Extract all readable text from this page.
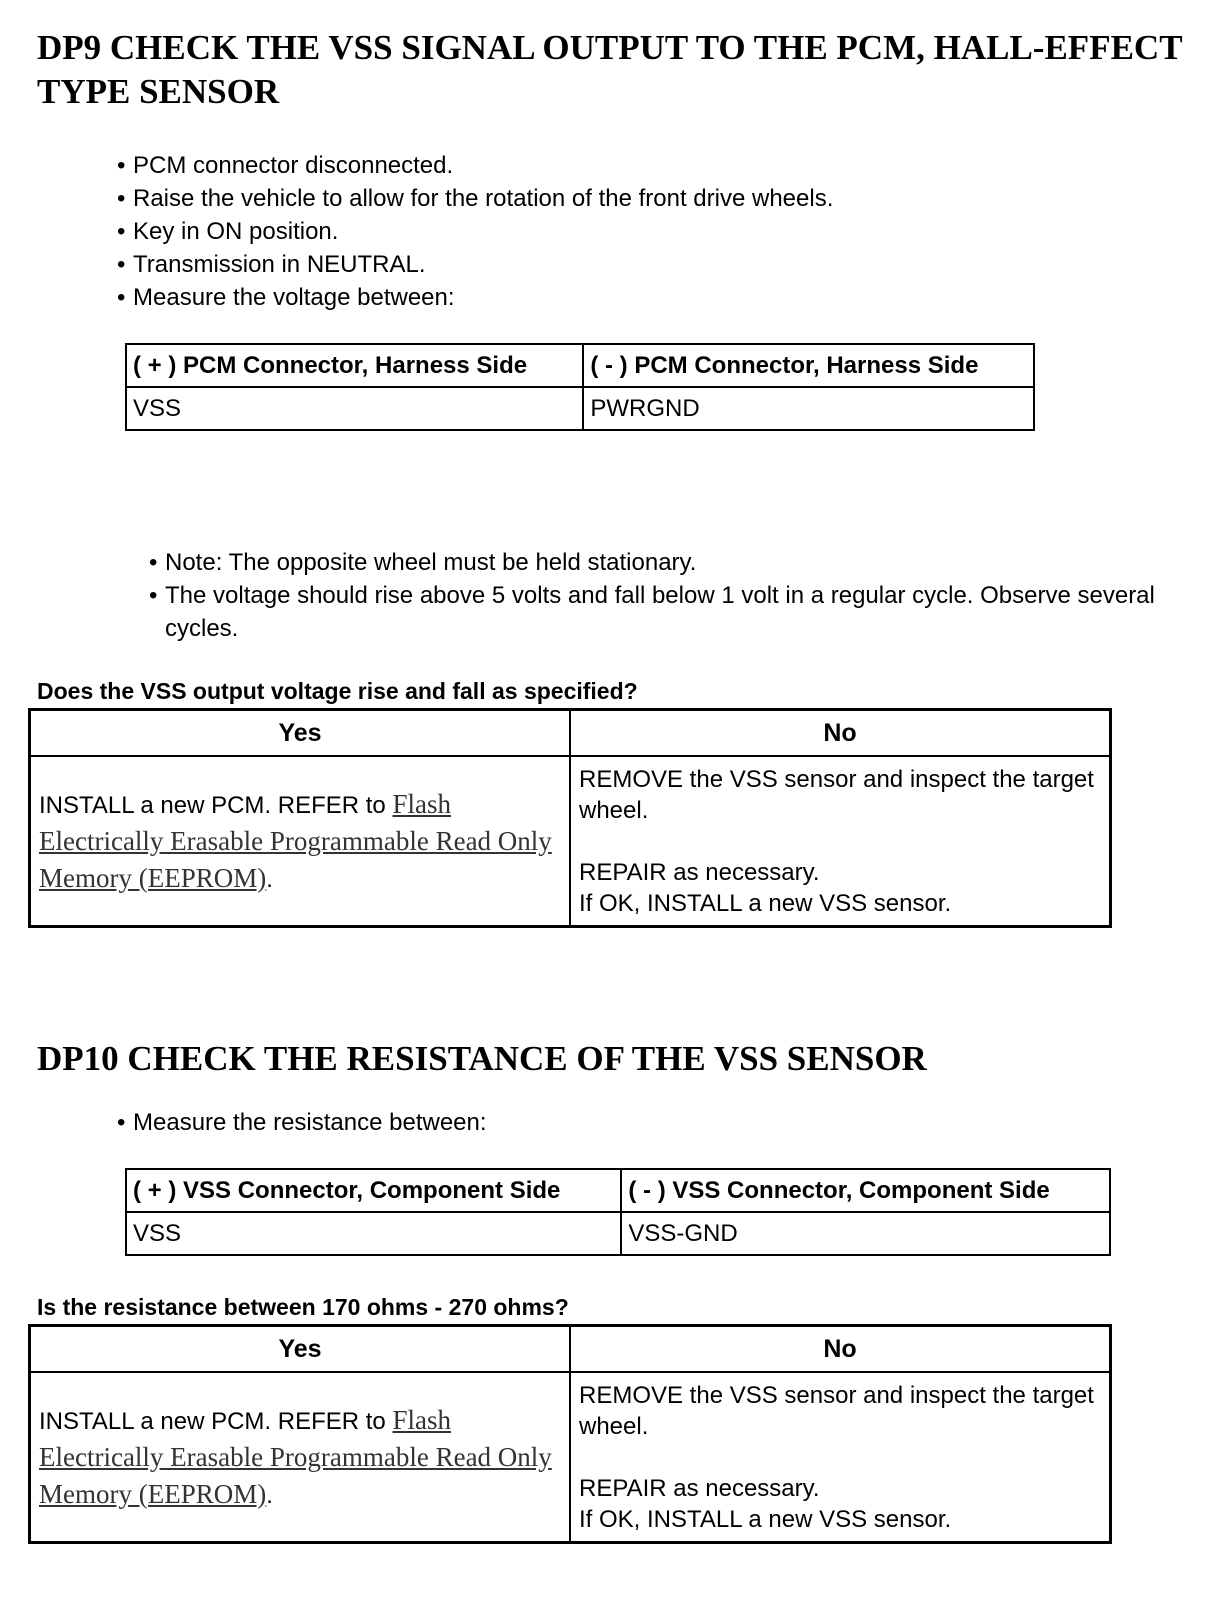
DP9 CHECK THE VSS SIGNAL OUTPUT TO THE PCM, HALL-EFFECT TYPE SENSOR
• PCM connector disconnected.
• Raise the vehicle to allow for the rotation of the front drive wheels.
• Key in ON position.
• Transmission in NEUTRAL.
• Measure the voltage between:
( + ) PCM Connector, Harness Side	( - ) PCM Connector, Harness Side
VSS	PWRGND
• Note: The opposite wheel must be held stationary.
• The voltage should rise above 5 volts and fall below 1 volt in a regular cycle. Observe several cycles.

Does the VSS output voltage rise and fall as specified?

Yes	No
INSTALL a new PCM. REFER to Flash Electrically Erasable Programmable Read Only Memory (EEPROM).	REMOVE the VSS sensor and inspect the target wheel.
REPAIR as necessary.
If OK, INSTALL a new VSS sensor.
DP10 CHECK THE RESISTANCE OF THE VSS SENSOR
• Measure the resistance between:
( + ) VSS Connector, Component Side	( - ) VSS Connector, Component Side
VSS	VSS-GND

Is the resistance between 170 ohms - 270 ohms?

Yes	No
INSTALL a new PCM. REFER to Flash Electrically Erasable Programmable Read Only Memory (EEPROM).	REMOVE the VSS sensor and inspect the target wheel.
REPAIR as necessary.
If OK, INSTALL a new VSS sensor.
